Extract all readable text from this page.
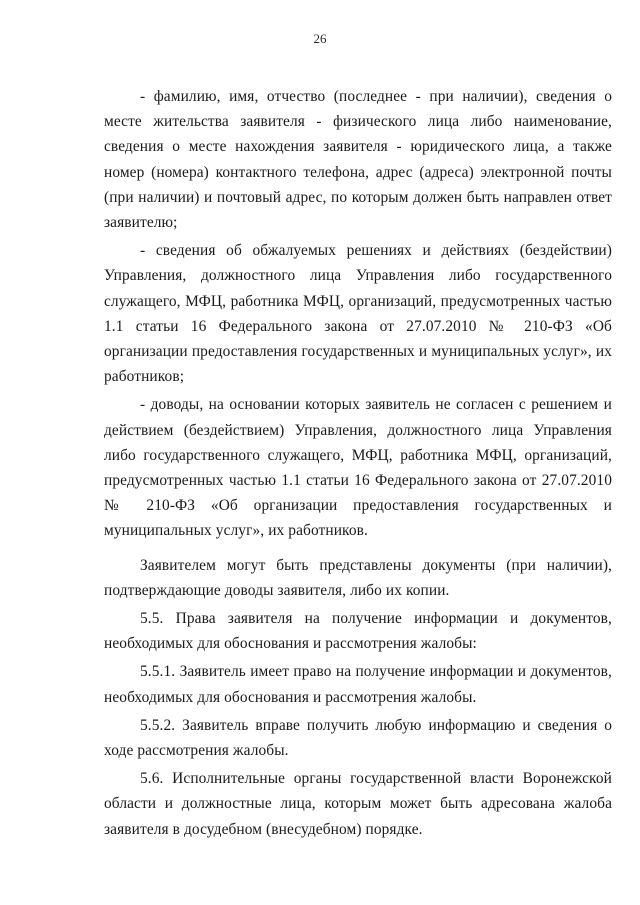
26

- фамилию, имя, отчество (последнее - при наличии), сведения о месте жительства заявителя - физического лица либо наименование, сведения о месте нахождения заявителя - юридического лица, а также номер (номера) контактного телефона, адрес (адреса) электронной почты (при наличии) и почтовый адрес, по которым должен быть направлен ответ заявителю;

- сведения об обжалуемых решениях и действиях (бездействии) Управления, должностного лица Управления либо государственного служащего, МФЦ, работника МФЦ, организаций, предусмотренных частью 1.1 статьи 16 Федерального закона от 27.07.2010 № 210-ФЗ «Об организации предоставления государственных и муниципальных услуг», их работников;

- доводы, на основании которых заявитель не согласен с решением и действием (бездействием) Управления, должностного лица Управления либо государственного служащего, МФЦ, работника МФЦ, организаций, предусмотренных частью 1.1 статьи 16 Федерального закона от 27.07.2010 № 210-ФЗ «Об организации предоставления государственных и муниципальных услуг», их работников.

Заявителем могут быть представлены документы (при наличии), подтверждающие доводы заявителя, либо их копии.

5.5. Права заявителя на получение информации и документов, необходимых для обоснования и рассмотрения жалобы:

5.5.1. Заявитель имеет право на получение информации и документов, необходимых для обоснования и рассмотрения жалобы.

5.5.2. Заявитель вправе получить любую информацию и сведения о ходе рассмотрения жалобы.

5.6. Исполнительные органы государственной власти Воронежской области и должностные лица, которым может быть адресована жалоба заявителя в досудебном (внесудебном) порядке.
